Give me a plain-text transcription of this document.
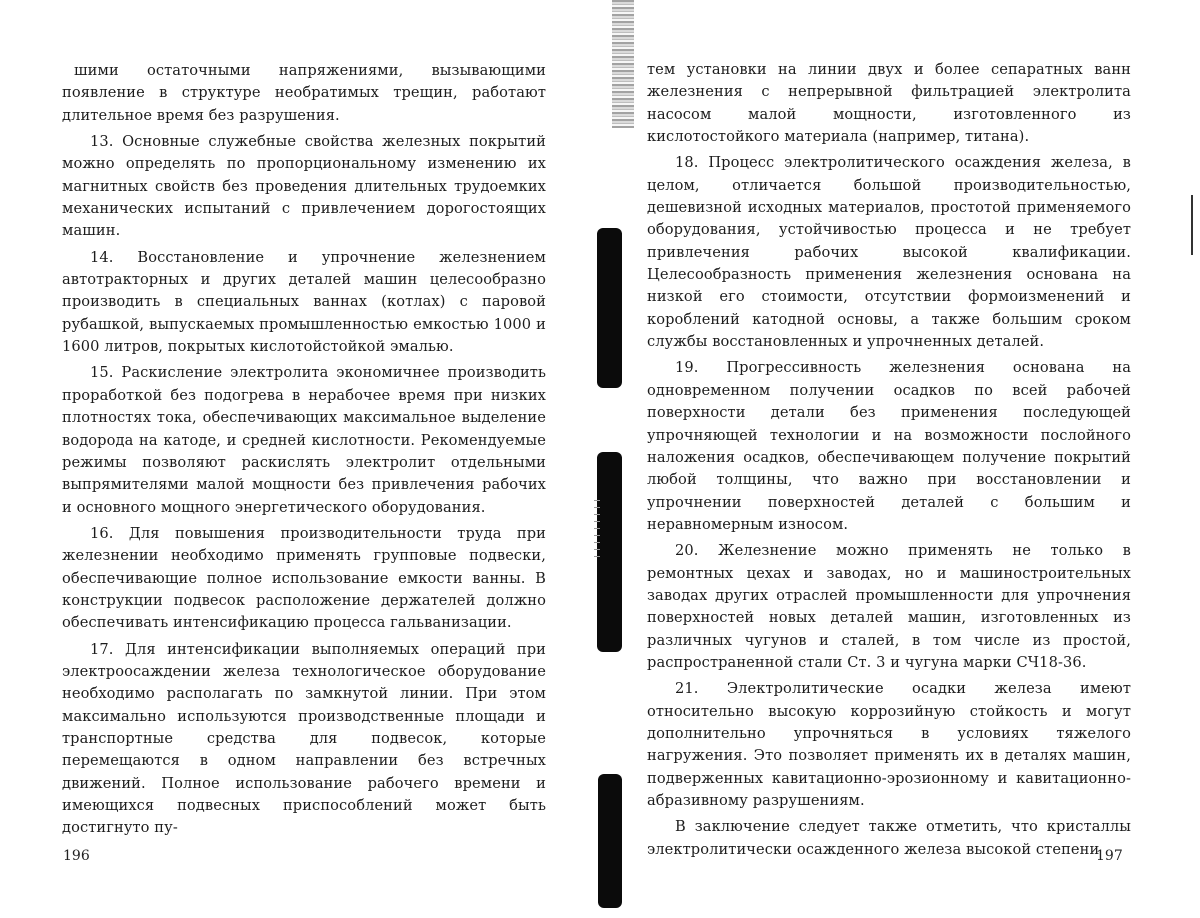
шими остаточными напряжениями, вызывающими появление в структуре необратимых трещин, работают длительное время без разрушения.

13. Основные служебные свойства железных покрытий можно определять по пропорциональному изменению их магнитных свойств без проведения длительных трудоемких механических испытаний с привлечением дорогостоящих машин.

14. Восстановление и упрочнение железнением автотракторных и других деталей машин целесообразно производить в специальных ваннах (котлах) с паровой рубашкой, выпускаемых промышленностью емкостью 1000 и 1600 литров, покрытых кислотойстойкой эмалью.

15. Раскисление электролита экономичнее производить проработкой без подогрева в нерабочее время при низких плотностях тока, обеспечивающих максимальное выделение водорода на катоде, и средней кислотности. Рекомендуемые режимы позволяют раскислять электролит отдельными выпрямителями малой мощности без привлечения рабочих и основного мощного энергетического оборудования.

16. Для повышения производительности труда при железнении необходимо применять групповые подвески, обеспечивающие полное использование емкости ванны. В конструкции подвесок расположение держателей должно обеспечивать интенсификацию процесса гальванизации.

17. Для интенсификации выполняемых операций при электроосаждении железа технологическое оборудование необходимо располагать по замкнутой линии. При этом максимально используются производственные площади и транспортные средства для подвесок, которые перемещаются в одном направлении без встречных движений. Полное использование рабочего времени и имеющихся подвесных приспособлений может быть достигнуто пу-

196

тем установки на линии двух и более сепаратных ванн железнения с непрерывной фильтрацией электролита насосом малой мощности, изготовленного из кислотостойкого материала (например, титана).

18. Процесс электролитического осаждения железа, в целом, отличается большой производительностью, дешевизной исходных материалов, простотой применяемого оборудования, устойчивостью процесса и не требует привлечения рабочих высокой квалификации. Целесообразность применения железнения основана на низкой его стоимости, отсутствии формоизменений и короблений катодной основы, а также большим сроком службы восстановленных и упрочненных деталей.

19. Прогрессивность железнения основана на одновременном получении осадков по всей рабочей поверхности детали без применения последующей упрочняющей технологии и на возможности послойного наложения осадков, обеспечивающем получение покрытий любой толщины, что важно при восстановлении и упрочнении поверхностей деталей с большим и неравномерным износом.

20. Железнение можно применять не только в ремонтных цехах и заводах, но и машиностроительных заводах других отраслей промышленности для упрочнения поверхностей новых деталей машин, изготовленных из различных чугунов и сталей, в том числе из простой, распространенной стали Ст. 3 и чугуна марки СЧ18-36.

21. Электролитические осадки железа имеют относительно высокую коррозийную стойкость и могут дополнительно упрочняться в условиях тяжелого нагружения. Это позволяет применять их в деталях машин, подверженных кавитационно-эрозионному и кавитационно-абразивному разрушениям.

В заключение следует также отметить, что кристаллы электролитически осажденного железа высокой степени

197
